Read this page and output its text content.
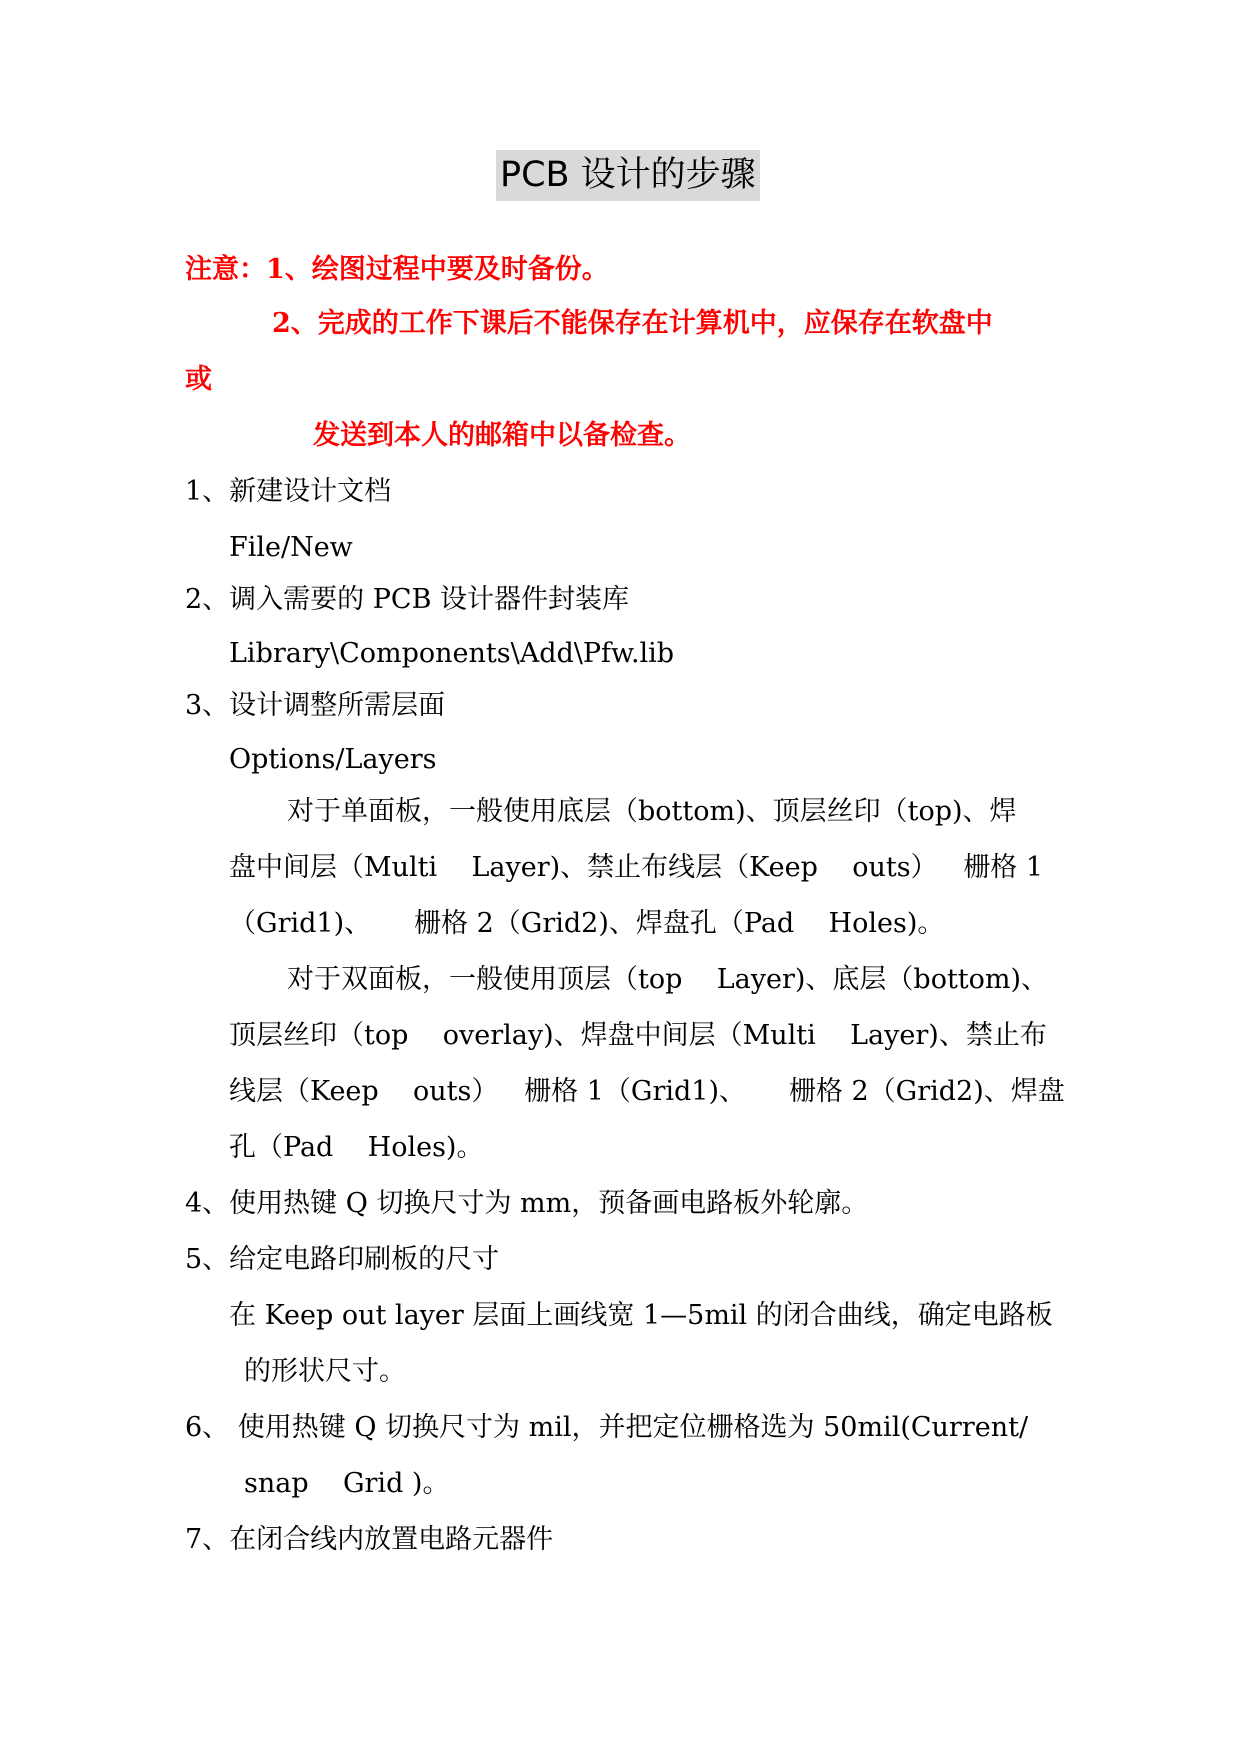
PCB 设计的步骤
注意：1、绘图过程中要及时备份。
2、完成的工作下课后不能保存在计算机中，应保存在软盘中
或
发送到本人的邮箱中以备检查。
1、新建设计文档
File/New
2、调入需要的 PCB 设计器件封装库
Library\Components\Add\Pfw.lib
3、设计调整所需层面
Options/Layers
对于单面板，一般使用底层（bottom)、顶层丝印（top)、焊
盘中间层（Multi    Layer)、禁止布线层（Keep    outs）   栅格 1
（Grid1)、     栅格 2（Grid2)、焊盘孔（Pad    Holes)。
对于双面板，一般使用顶层（top    Layer)、底层（bottom)、
顶层丝印（top    overlay)、焊盘中间层（Multi    Layer)、禁止布
线层（Keep    outs）   栅格 1（Grid1)、     栅格 2（Grid2)、焊盘
孔（Pad    Holes)。
4、使用热键 Q 切换尺寸为 mm，预备画电路板外轮廓。
5、给定电路印刷板的尺寸
在 Keep out layer 层面上画线宽 1—5mil 的闭合曲线，确定电路板
的形状尺寸。
6、 使用热键 Q 切换尺寸为 mil，并把定位栅格选为 50mil(Current/
snap    Grid )。
7、在闭合线内放置电路元器件
